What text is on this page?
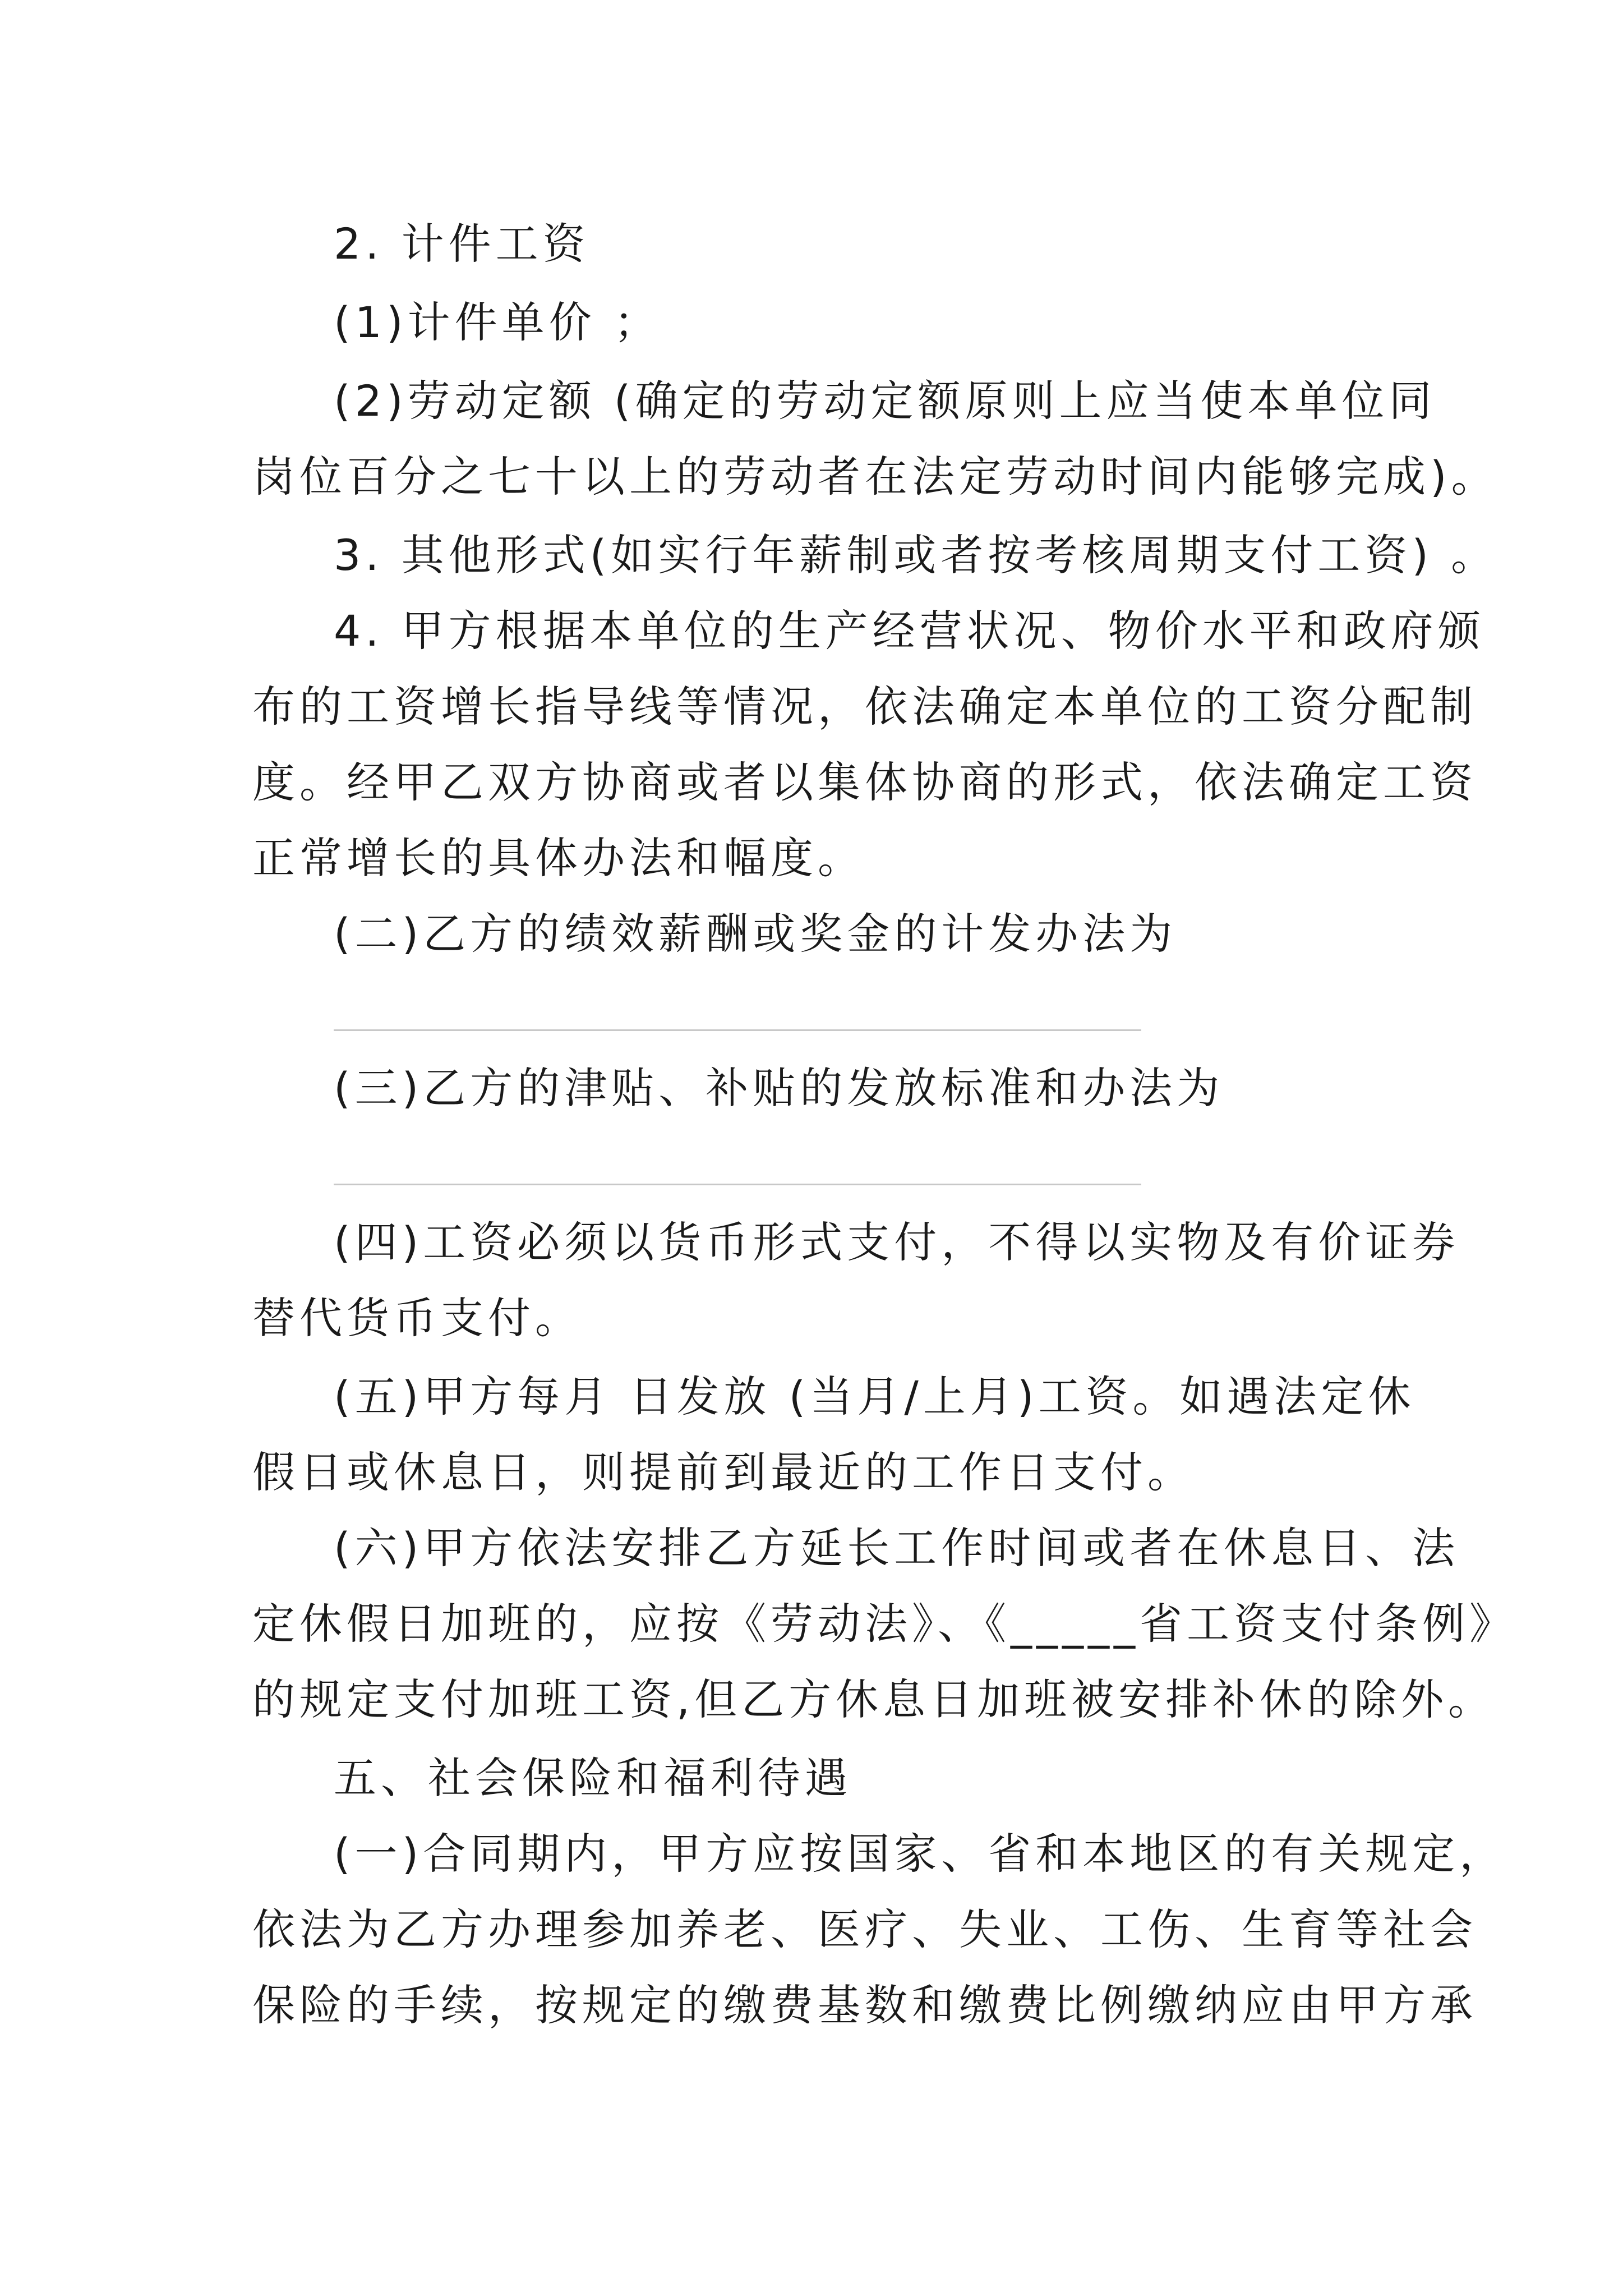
2. 计件工资
(1)计件单价 ；
(2)劳动定额 (确定的劳动定额原则上应当使本单位同
岗位百分之七十以上的劳动者在法定劳动时间内能够完成)。
3. 其他形式(如实行年薪制或者按考核周期支付工资) 。
4. 甲方根据本单位的生产经营状况、物价水平和政府颁
布的工资增长指导线等情况，依法确定本单位的工资分配制
度。经甲乙双方协商或者以集体协商的形式，依法确定工资
正常增长的具体办法和幅度。
(二)乙方的绩效薪酬或奖金的计发办法为
(三)乙方的津贴、补贴的发放标准和办法为
(四)工资必须以货币形式支付，不得以实物及有价证券
替代货币支付。
(五)甲方每月 日发放 (当月/上月)工资。如遇法定休
假日或休息日，则提前到最近的工作日支付。
(六)甲方依法安排乙方延长工作时间或者在休息日、法
定休假日加班的，应按《劳动法》、《_____省工资支付条例》
的规定支付加班工资,但乙方休息日加班被安排补休的除外。
五、社会保险和福利待遇
(一)合同期内，甲方应按国家、省和本地区的有关规定，
依法为乙方办理参加养老、医疗、失业、工伤、生育等社会
保险的手续，按规定的缴费基数和缴费比例缴纳应由甲方承
